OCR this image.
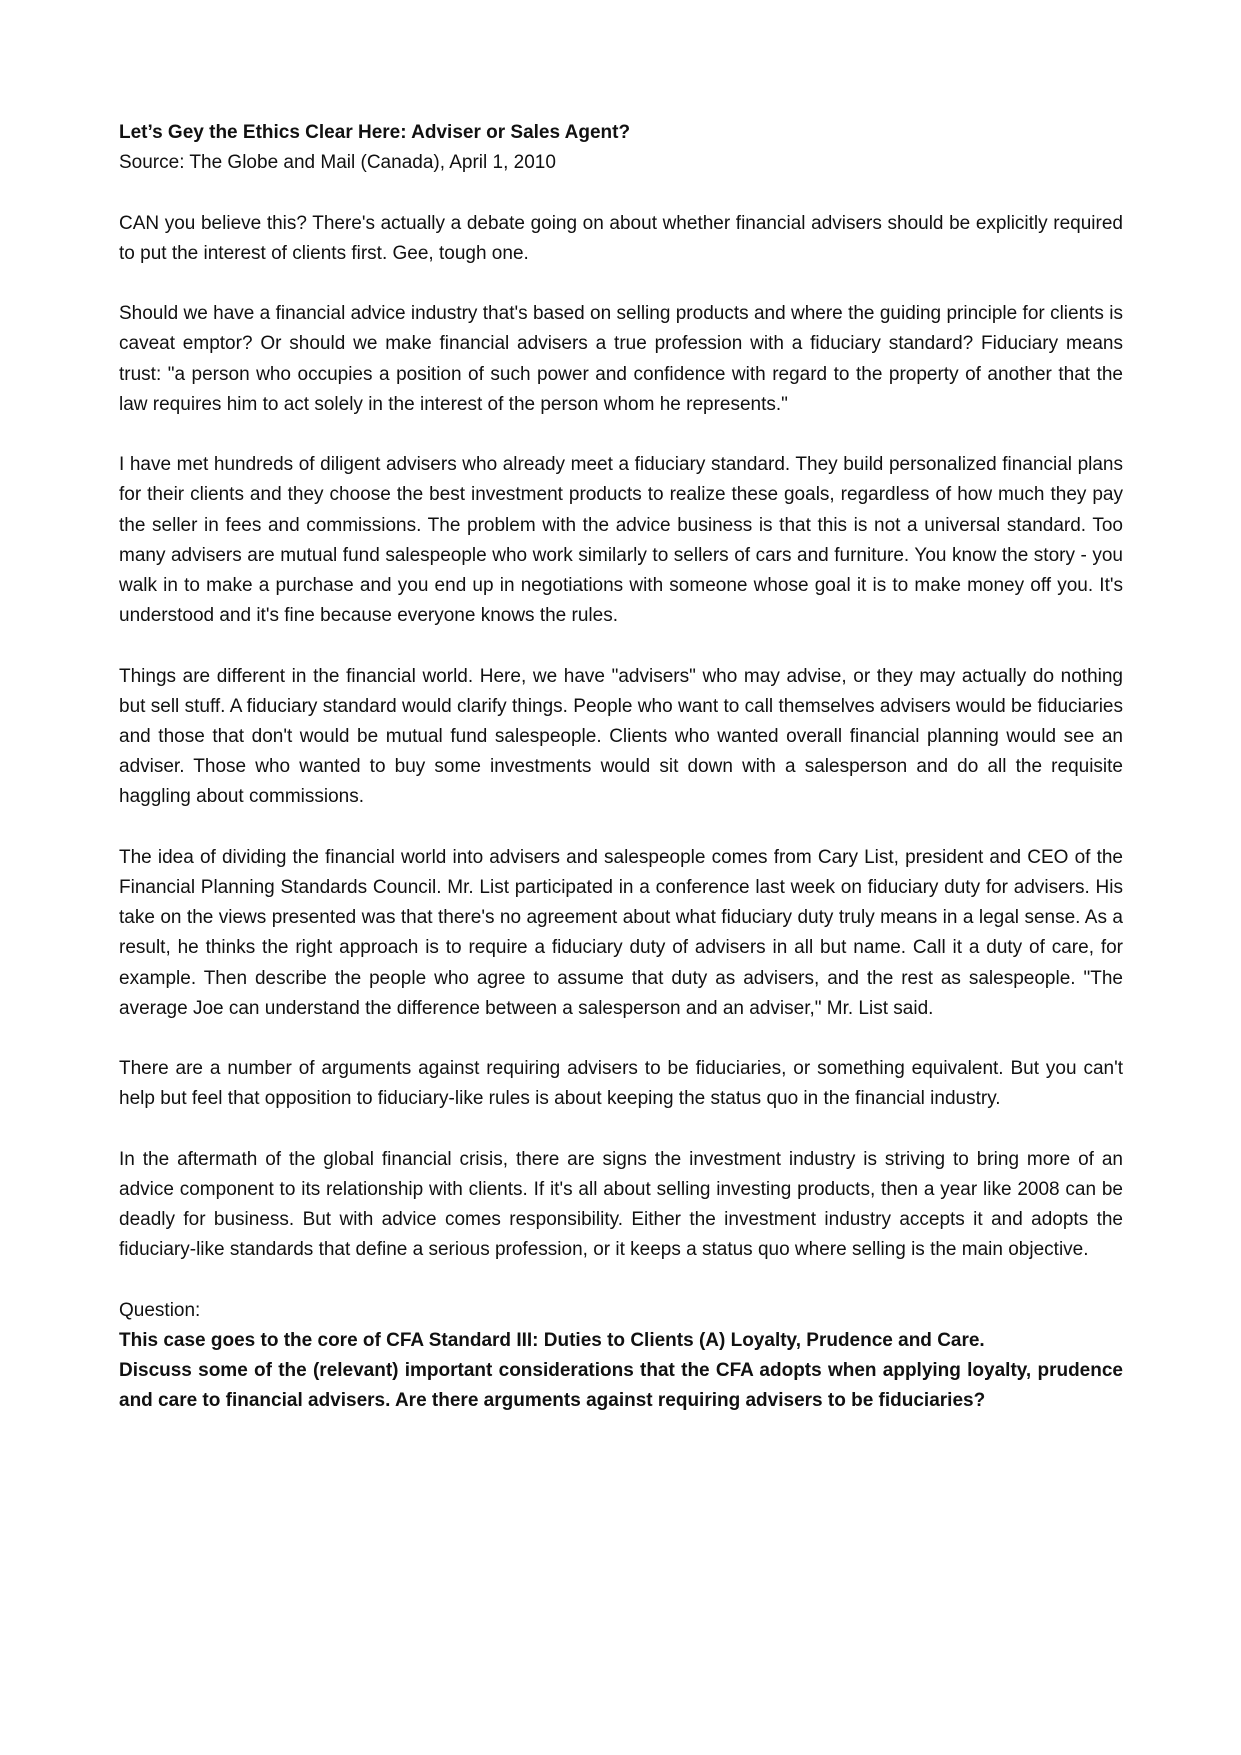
Let’s Gey the Ethics Clear Here: Adviser or Sales Agent?

Source: The Globe and Mail (Canada), April 1, 2010

CAN you believe this? There's actually a debate going on about whether financial advisers should be explicitly required to put the interest of clients first. Gee, tough one.

Should we have a financial advice industry that's based on selling products and where the guiding principle for clients is caveat emptor? Or should we make financial advisers a true profession with a fiduciary standard? Fiduciary means trust: "a person who occupies a position of such power and confidence with regard to the property of another that the law requires him to act solely in the interest of the person whom he represents."

I have met hundreds of diligent advisers who already meet a fiduciary standard. They build personalized financial plans for their clients and they choose the best investment products to realize these goals, regardless of how much they pay the seller in fees and commissions. The problem with the advice business is that this is not a universal standard. Too many advisers are mutual fund salespeople who work similarly to sellers of cars and furniture. You know the story - you walk in to make a purchase and you end up in negotiations with someone whose goal it is to make money off you. It's understood and it's fine because everyone knows the rules.

Things are different in the financial world. Here, we have "advisers" who may advise, or they may actually do nothing but sell stuff. A fiduciary standard would clarify things. People who want to call themselves advisers would be fiduciaries and those that don't would be mutual fund salespeople. Clients who wanted overall financial planning would see an adviser. Those who wanted to buy some investments would sit down with a salesperson and do all the requisite haggling about commissions.

The idea of dividing the financial world into advisers and salespeople comes from Cary List, president and CEO of the Financial Planning Standards Council. Mr. List participated in a conference last week on fiduciary duty for advisers. His take on the views presented was that there's no agreement about what fiduciary duty truly means in a legal sense. As a result, he thinks the right approach is to require a fiduciary duty of advisers in all but name. Call it a duty of care, for example. Then describe the people who agree to assume that duty as advisers, and the rest as salespeople. "The average Joe can understand the difference between a salesperson and an adviser," Mr. List said.

There are a number of arguments against requiring advisers to be fiduciaries, or something equivalent. But you can't help but feel that opposition to fiduciary-like rules is about keeping the status quo in the financial industry.

In the aftermath of the global financial crisis, there are signs the investment industry is striving to bring more of an advice component to its relationship with clients. If it's all about selling investing products, then a year like 2008 can be deadly for business. But with advice comes responsibility. Either the investment industry accepts it and adopts the fiduciary-like standards that define a serious profession, or it keeps a status quo where selling is the main objective.

Question:

This case goes to the core of CFA Standard III: Duties to Clients (A) Loyalty, Prudence and Care.

Discuss some of the (relevant) important considerations that the CFA adopts when applying loyalty, prudence and care to financial advisers. Are there arguments against requiring advisers to be fiduciaries?
